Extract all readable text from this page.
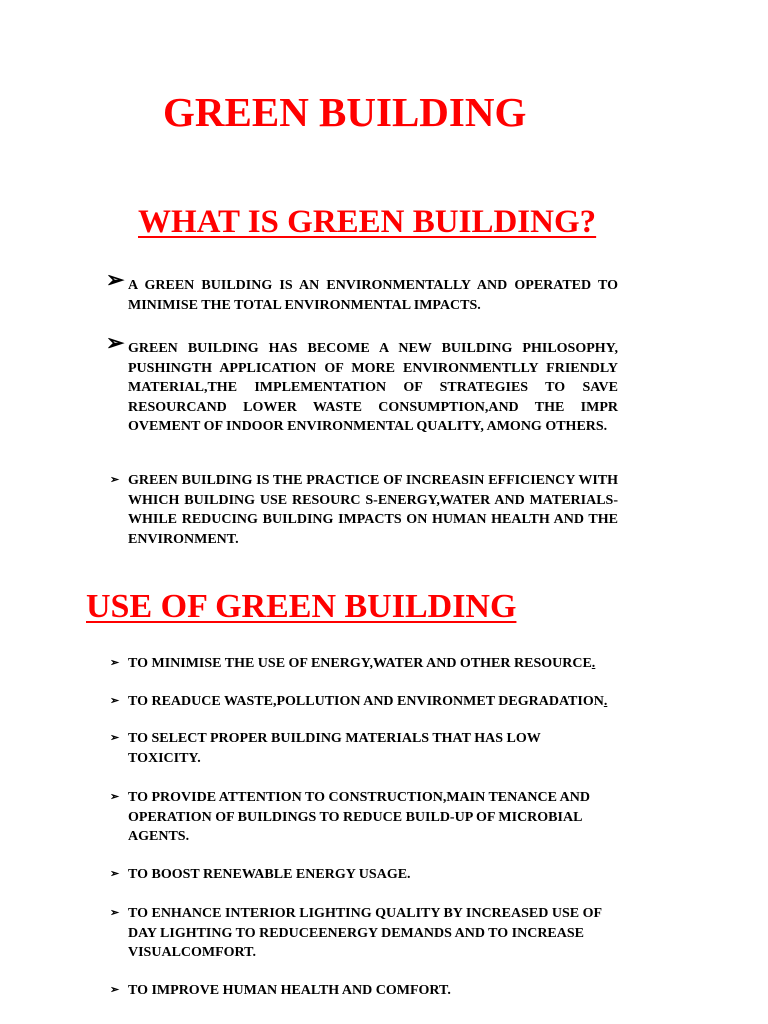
GREEN BUILDING
WHAT IS GREEN BUILDING?
➢ A GREEN BUILDING IS AN ENVIRONMENTALLY AND OPERATED TO MINIMISE THE TOTAL ENVIRONMENTAL IMPACTS.
➢ GREEN BUILDING HAS BECOME A NEW BUILDING PHILOSOPHY, PUSHINGTH APPLICATION OF MORE ENVIRONMENTLLY FRIENDLY MATERIAL,THE IMPLEMENTATION OF STRATEGIES TO SAVE RESOURCAND LOWER WASTE CONSUMPTION,AND THE IMPR OVEMENT OF INDOOR ENVIRONMENTAL QUALITY, AMONG OTHERS.
➢ GREEN BUILDING IS THE PRACTICE OF INCREASIN EFFICIENCY WITH WHICH BUILDING USE RESOURC S-ENERGY,WATER AND MATERIALS- WHILE REDUCING BUILDING IMPACTS ON HUMAN HEALTH AND THE ENVIRONMENT.
USE OF GREEN BUILDING
➢ TO MINIMISE THE USE OF ENERGY,WATER AND OTHER RESOURCE.
➢ TO READUCE WASTE,POLLUTION AND ENVIRONMET DEGRADATION.
➢ TO SELECT PROPER BUILDING MATERIALS THAT HAS LOW TOXICITY.
➢ TO PROVIDE ATTENTION TO CONSTRUCTION,MAIN TENANCE AND OPERATION OF BUILDINGS TO REDUCE BUILD-UP OF MICROBIAL AGENTS.
➢ TO BOOST RENEWABLE ENERGY USAGE.
➢ TO ENHANCE INTERIOR LIGHTING QUALITY BY INCREASED USE OF DAY LIGHTING TO REDUCEENERGY DEMANDS AND TO INCREASE VISUALCOMFORT.
➢ TO IMPROVE HUMAN HEALTH AND COMFORT.
